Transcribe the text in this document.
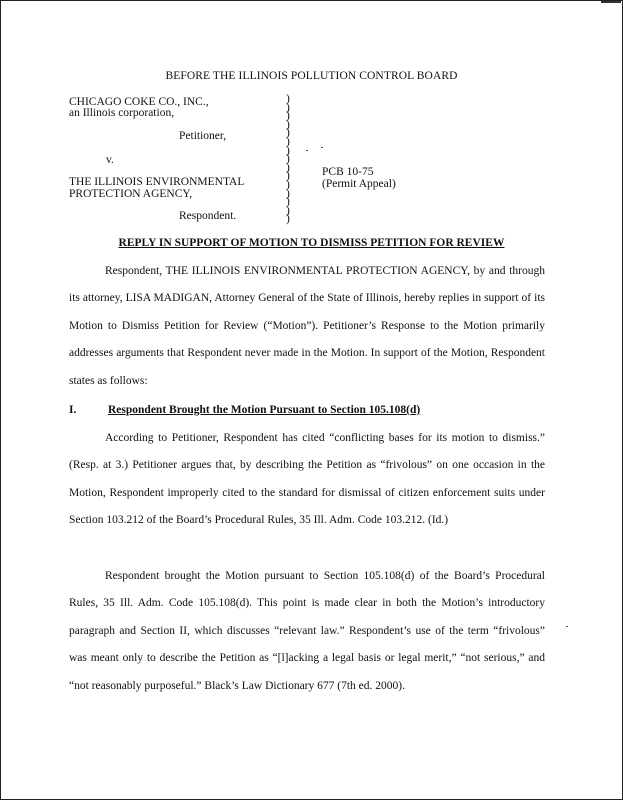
BEFORE THE ILLINOIS POLLUTION CONTROL BOARD
CHICAGO COKE CO., INC.,
an Illinois corporation,
Petitioner,
v.
THE ILLINOIS ENVIRONMENTAL
PROTECTION AGENCY,
Respondent.
)
)
)
)
)
)
)
)
)
)
)
)
)
)
)
PCB 10-75
(Permit Appeal)
REPLY IN SUPPORT OF MOTION TO DISMISS PETITION FOR REVIEW
Respondent, THE ILLINOIS ENVIRONMENTAL PROTECTION AGENCY, by and through its attorney, LISA MADIGAN, Attorney General of the State of Illinois, hereby replies in support of its Motion to Dismiss Petition for Review (“Motion”). Petitioner’s Response to the Motion primarily addresses arguments that Respondent never made in the Motion. In support of the Motion, Respondent states as follows:
I.	Respondent Brought the Motion Pursuant to Section 105.108(d)
According to Petitioner, Respondent has cited “conflicting bases for its motion to dismiss.” (Resp. at 3.) Petitioner argues that, by describing the Petition as “frivolous” on one occasion in the Motion, Respondent improperly cited to the standard for dismissal of citizen enforcement suits under Section 103.212 of the Board’s Procedural Rules, 35 Ill. Adm. Code 103.212. (Id.)
Respondent brought the Motion pursuant to Section 105.108(d) of the Board’s Procedural Rules, 35 Ill. Adm. Code 105.108(d). This point is made clear in both the Motion’s introductory paragraph and Section II, which discusses “relevant law.” Respondent’s use of the term “frivolous” was meant only to describe the Petition as “[l]acking a legal basis or legal merit,” “not serious,” and “not reasonably purposeful.” Black’s Law Dictionary 677 (7th ed. 2000).
